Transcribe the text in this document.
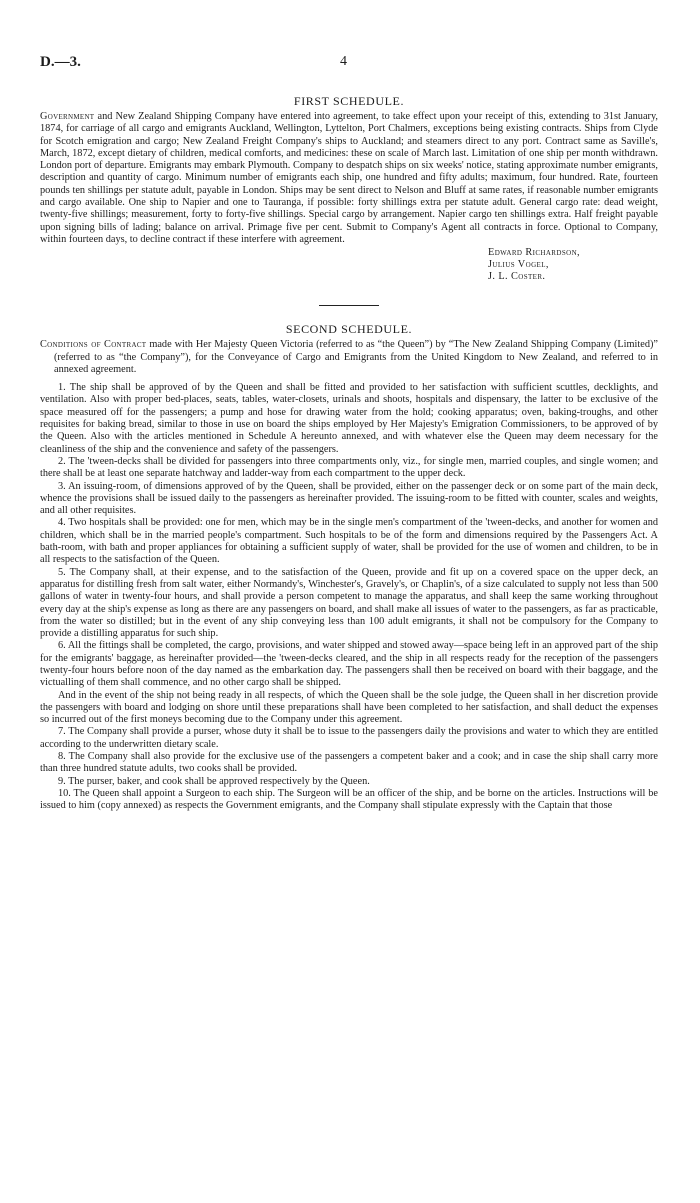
D.—3.	4
FIRST SCHEDULE.

Government and New Zealand Shipping Company have entered into agreement, to take effect upon your receipt of this, extending to 31st January, 1874, for carriage of all cargo and emigrants Auckland, Wellington, Lyttelton, Port Chalmers, exceptions being existing contracts. Ships from Clyde for Scotch emigration and cargo; New Zealand Freight Company's ships to Auckland; and steamers direct to any port. Contract same as Saville's, March, 1872, except dietary of children, medical comforts, and medicines: these on scale of March last. Limitation of one ship per month withdrawn. London port of departure. Emigrants may embark Plymouth. Company to despatch ships on six weeks' notice, stating approximate number emigrants, description and quantity of cargo. Minimum number of emigrants each ship, one hundred and fifty adults; maximum, four hundred. Rate, fourteen pounds ten shillings per statute adult, payable in London. Ships may be sent direct to Nelson and Bluff at same rates, if reasonable number emigrants and cargo available. One ship to Napier and one to Tauranga, if possible: forty shillings extra per statute adult. General cargo rate: dead weight, twenty-five shillings; measurement, forty to forty-five shillings. Special cargo by arrangement. Napier cargo ten shillings extra. Half freight payable upon signing bills of lading; balance on arrival. Primage five per cent. Submit to Company's Agent all contracts in force. Optional to Company, within fourteen days, to decline contract if these interfere with agreement.

Edward Richardson,
Julius Vogel,
J. L. Coster.
SECOND SCHEDULE.

Conditions of Contract made with Her Majesty Queen Victoria (referred to as “the Queen”) by “The New Zealand Shipping Company (Limited)” (referred to as “the Company”), for the Conveyance of Cargo and Emigrants from the United Kingdom to New Zealand, and referred to in annexed agreement.

1. The ship shall be approved of by the Queen and shall be fitted and provided to her satisfaction with sufficient scuttles, decklights, and ventilation. Also with proper bed-places, seats, tables, water-closets, urinals and shoots, hospitals and dispensary, the latter to be exclusive of the space measured off for the passengers; a pump and hose for drawing water from the hold; cooking apparatus; oven, baking-troughs, and other requisites for baking bread, similar to those in use on board the ships employed by Her Majesty's Emigration Commissioners, to be approved of by the Queen. Also with the articles mentioned in Schedule A hereunto annexed, and with whatever else the Queen may deem necessary for the cleanliness of the ship and the convenience and safety of the passengers.

2. The 'tween-decks shall be divided for passengers into three compartments only, viz., for single men, married couples, and single women; and there shall be at least one separate hatchway and ladder-way from each compartment to the upper deck.

3. An issuing-room, of dimensions approved of by the Queen, shall be provided, either on the passenger deck or on some part of the main deck, whence the provisions shall be issued daily to the passengers as hereinafter provided. The issuing-room to be fitted with counter, scales and weights, and all other requisites.

4. Two hospitals shall be provided: one for men, which may be in the single men's compartment of the 'tween-decks, and another for women and children, which shall be in the married people's compartment. Such hospitals to be of the form and dimensions required by the Passengers Act. A bath-room, with bath and proper appliances for obtaining a sufficient supply of water, shall be provided for the use of women and children, to be in all respects to the satisfaction of the Queen.

5. The Company shall, at their expense, and to the satisfaction of the Queen, provide and fit up on a covered space on the upper deck, an apparatus for distilling fresh from salt water, either Normandy's, Winchester's, Gravely's, or Chaplin's, of a size calculated to supply not less than 500 gallons of water in twenty-four hours, and shall provide a person competent to manage the apparatus, and shall keep the same working throughout every day at the ship's expense as long as there are any passengers on board, and shall make all issues of water to the passengers, as far as practicable, from the water so distilled; but in the event of any ship conveying less than 100 adult emigrants, it shall not be compulsory for the Company to provide a distilling apparatus for such ship.

6. All the fittings shall be completed, the cargo, provisions, and water shipped and stowed away—space being left in an approved part of the ship for the emigrants' baggage, as hereinafter provided—the 'tween-decks cleared, and the ship in all respects ready for the reception of the passengers twenty-four hours before noon of the day named as the embarkation day. The passengers shall then be received on board with their baggage, and the victualling of them shall commence, and no other cargo shall be shipped.

And in the event of the ship not being ready in all respects, of which the Queen shall be the sole judge, the Queen shall in her discretion provide the passengers with board and lodging on shore until these preparations shall have been completed to her satisfaction, and shall deduct the expenses so incurred out of the first moneys becoming due to the Company under this agreement.

7. The Company shall provide a purser, whose duty it shall be to issue to the passengers daily the provisions and water to which they are entitled according to the underwritten dietary scale.

8. The Company shall also provide for the exclusive use of the passengers a competent baker and a cook; and in case the ship shall carry more than three hundred statute adults, two cooks shall be provided.

9. The purser, baker, and cook shall be approved respectively by the Queen.

10. The Queen shall appoint a Surgeon to each ship. The Surgeon will be an officer of the ship, and be borne on the articles. Instructions will be issued to him (copy annexed) as respects the Government emigrants, and the Company shall stipulate expressly with the Captain that those
